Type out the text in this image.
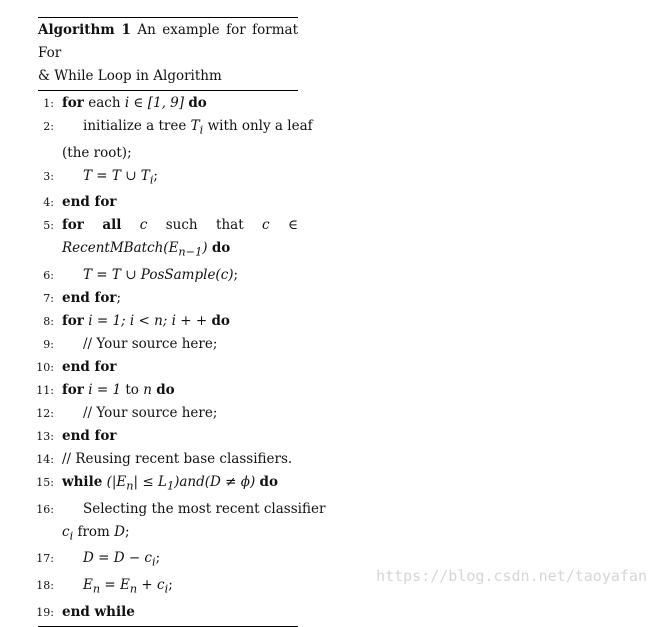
Algorithm 1 An example for format For
& While Loop in Algorithm
1: for each i ∈ [1, 9] do
2: initialize a tree $T_i$ with only a leaf
(the root);
3: T = T ∪ $T_i$;
4: end for
5: for all c such that c ∈
$RecentMBatch(E_{n-1})$ do
6: T = T ∪ PosSample(c);
7: end for;
8: for i = 1; i < n; i + + do
9: // Your source here;
10: end for
11: for i = 1 to n do
12: // Your source here;
13: end for
14: // Reusing recent base classifiers.
15: while $(|E_n| \le L_1)and(D \ne \phi)$ do
16: Selecting the most recent classifier
$c_i$ from D;
17: $D = D - c_i$;
18: $E_n = E_n + c_i$;
19: end while
https://blog.csdn.net/taoyafan
